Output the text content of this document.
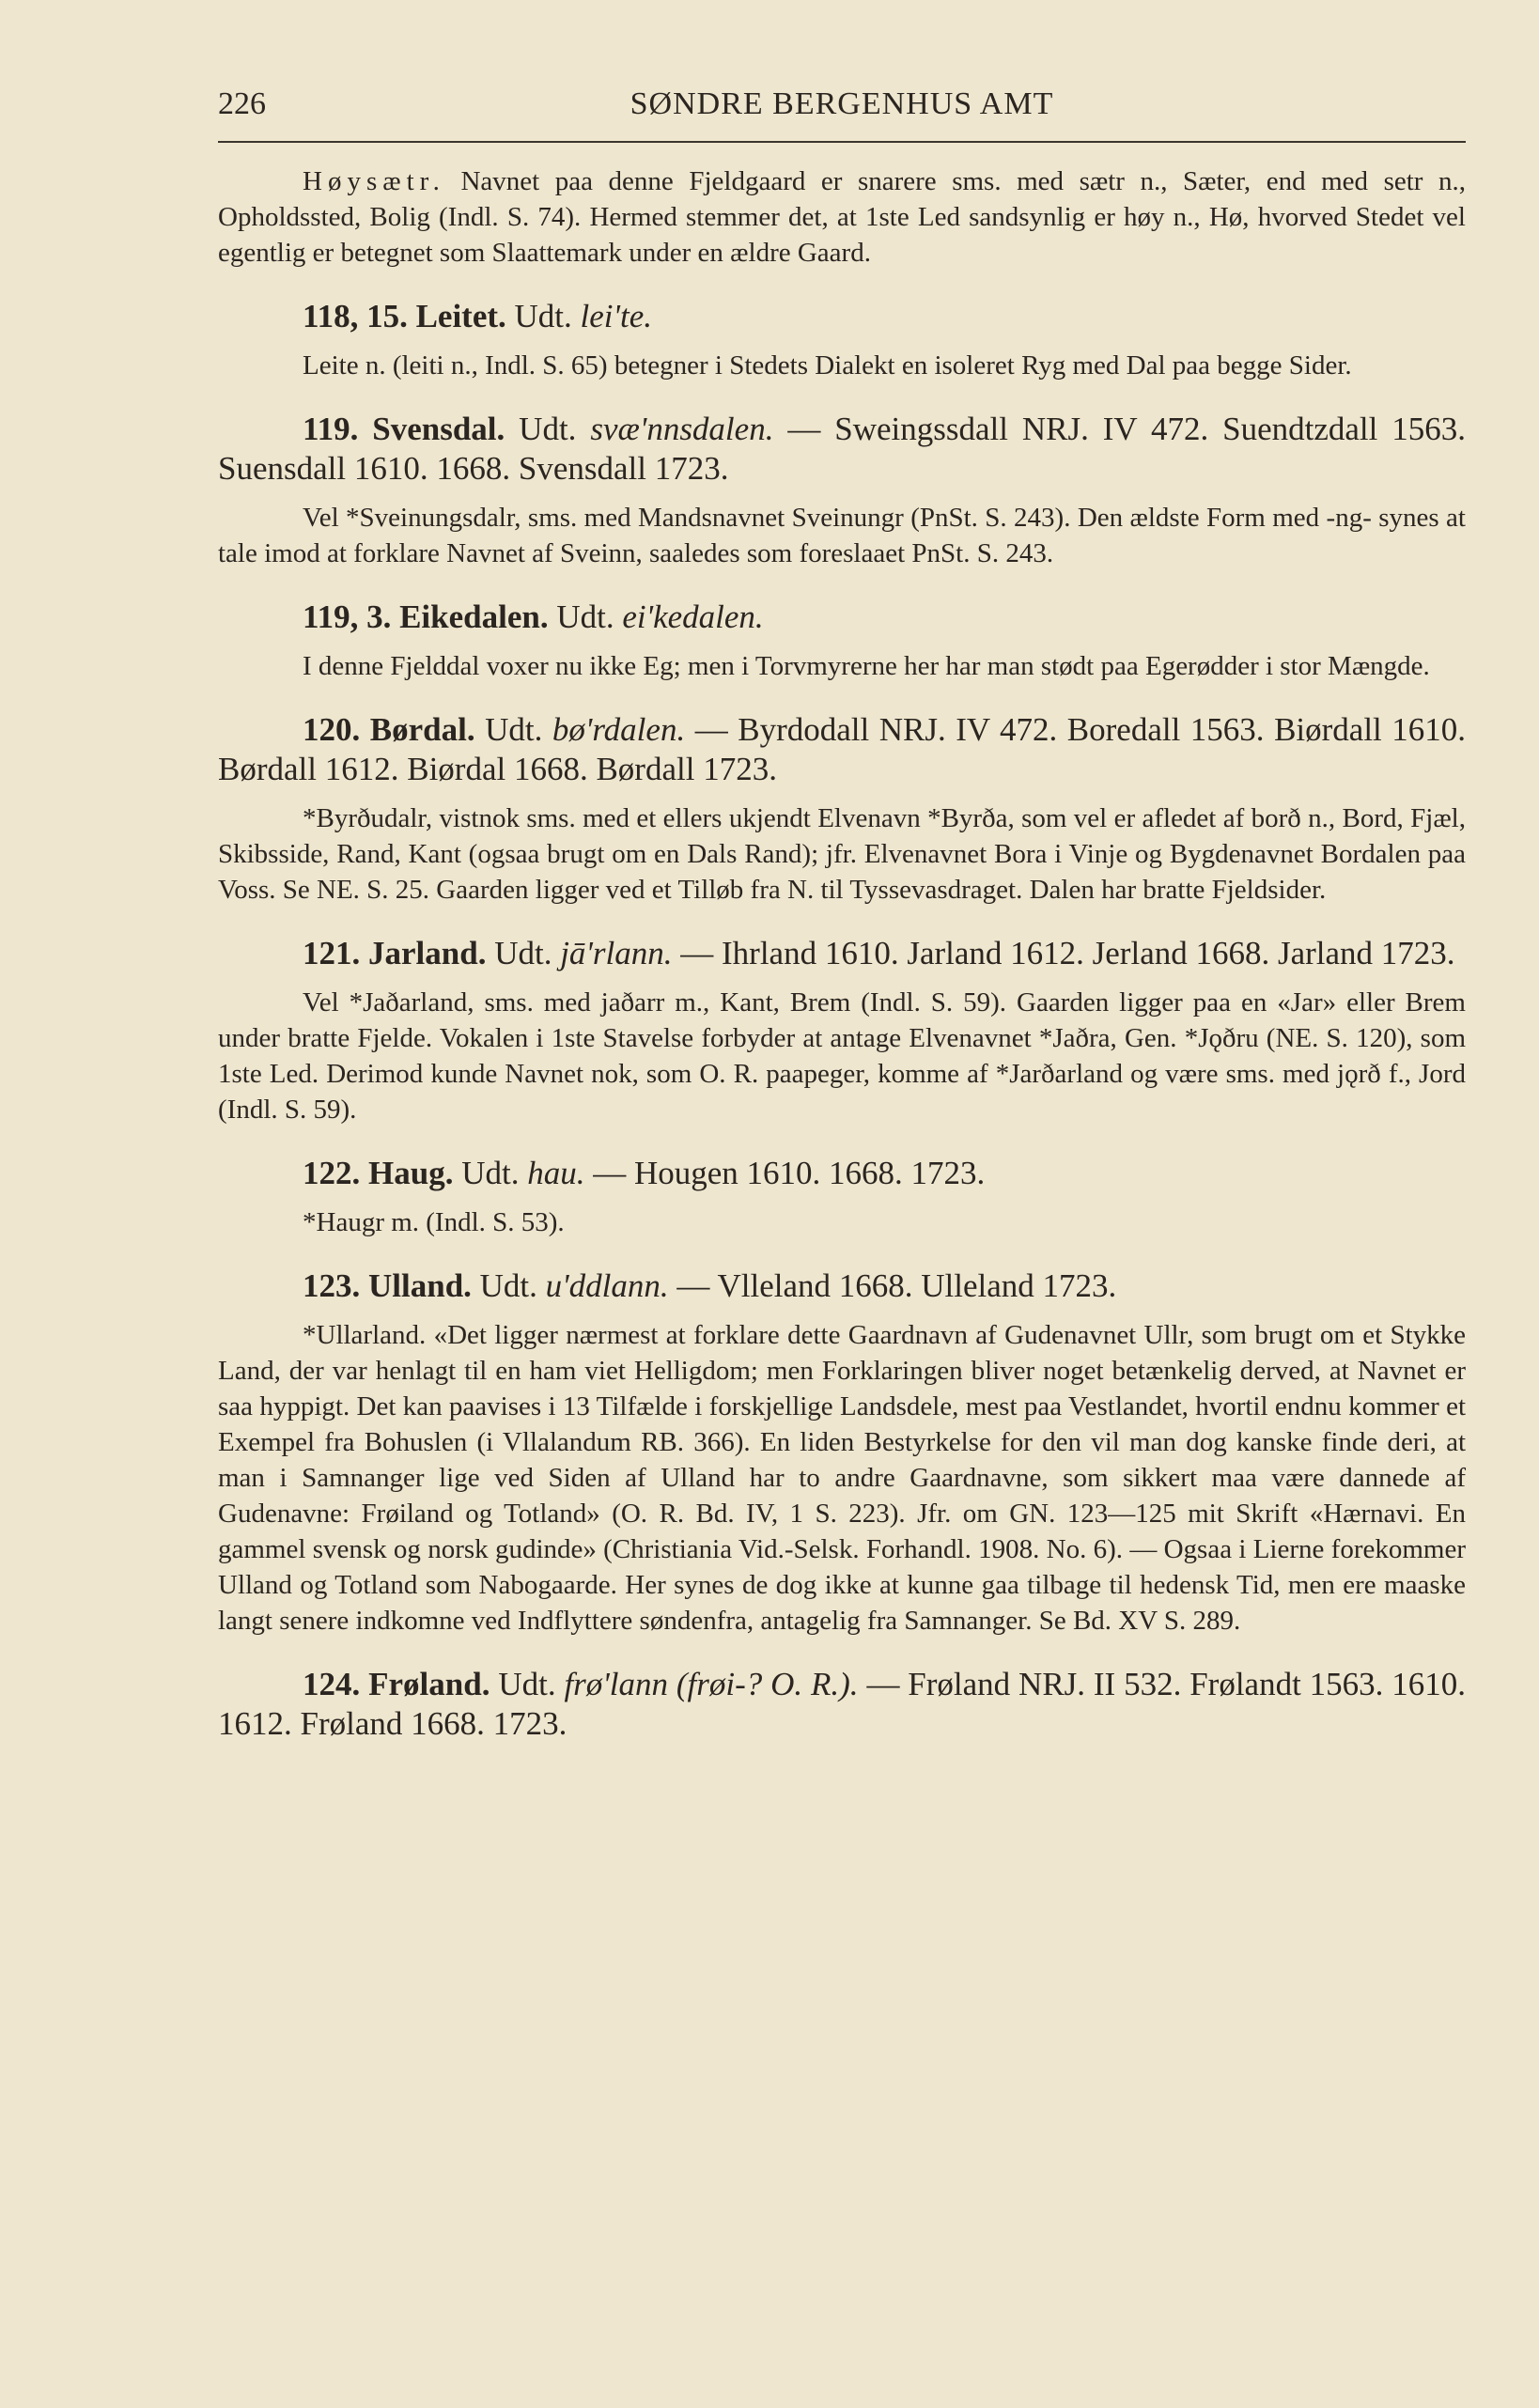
226	SØNDRE BERGENHUS AMT

Høysætr. Navnet paa denne Fjeldgaard er snarere sms. med sætr n., Sæter, end med setr n., Opholdssted, Bolig (Indl. S. 74). Hermed stemmer det, at 1ste Led sandsynlig er høy n., Hø, hvorved Stedet vel egentlig er betegnet som Slaattemark under en ældre Gaard.

118, 15. Leitet. Udt. lei'te.

Leite n. (leiti n., Indl. S. 65) betegner i Stedets Dialekt en isoleret Ryg med Dal paa begge Sider.

119. Svensdal. Udt. svæ'nnsdalen. — Sweingssdall NRJ. IV 472. Suendtzdall 1563. Suensdall 1610. 1668. Svensdall 1723.

Vel *Sveinungsdalr, sms. med Mandsnavnet Sveinungr (PnSt. S. 243). Den ældste Form med -ng- synes at tale imod at forklare Navnet af Sveinn, saaledes som foreslaaet PnSt. S. 243.

119, 3. Eikedalen. Udt. ei'kedalen.

I denne Fjelddal voxer nu ikke Eg; men i Torvmyrerne her har man stødt paa Egerødder i stor Mængde.

120. Børdal. Udt. bø'rdalen. — Byrdodall NRJ. IV 472. Boredall 1563. Biørdall 1610. Børdall 1612. Biørdal 1668. Børdall 1723.

*Byrðudalr, vistnok sms. med et ellers ukjendt Elvenavn *Byrða, som vel er afledet af borð n., Bord, Fjæl, Skibsside, Rand, Kant (ogsaa brugt om en Dals Rand); jfr. Elvenavnet Bora i Vinje og Bygdenavnet Bordalen paa Voss. Se NE. S. 25. Gaarden ligger ved et Tilløb fra N. til Tyssevasdraget. Dalen har bratte Fjeldsider.

121. Jarland. Udt. jā'rlann. — Ihrland 1610. Jarland 1612. Jerland 1668. Jarland 1723.

Vel *Jaðarland, sms. med jaðarr m., Kant, Brem (Indl. S. 59). Gaarden ligger paa en «Jar» eller Brem under bratte Fjelde. Vokalen i 1ste Stavelse forbyder at antage Elvenavnet *Jaðra, Gen. *Jǫðru (NE. S. 120), som 1ste Led. Derimod kunde Navnet nok, som O. R. paapeger, komme af *Jarðarland og være sms. med jǫrð f., Jord (Indl. S. 59).

122. Haug. Udt. hau. — Hougen 1610. 1668. 1723.

*Haugr m. (Indl. S. 53).

123. Ulland. Udt. u'ddlann. — Vlleland 1668. Ulleland 1723.

*Ullarland. «Det ligger nærmest at forklare dette Gaardnavn af Gudenavnet Ullr, som brugt om et Stykke Land, der var henlagt til en ham viet Helligdom; men Forklaringen bliver noget betænkelig derved, at Navnet er saa hyppigt. Det kan paavises i 13 Tilfælde i forskjellige Landsdele, mest paa Vestlandet, hvortil endnu kommer et Exempel fra Bohuslen (i Vllalandum RB. 366). En liden Bestyrkelse for den vil man dog kanske finde deri, at man i Samnanger lige ved Siden af Ulland har to andre Gaardnavne, som sikkert maa være dannede af Gudenavne: Frøiland og Totland» (O. R. Bd. IV, 1 S. 223). Jfr. om GN. 123—125 mit Skrift «Hærnavi. En gammel svensk og norsk gudinde» (Christiania Vid.-Selsk. Forhandl. 1908. No. 6). — Ogsaa i Lierne forekommer Ulland og Totland som Nabogaarde. Her synes de dog ikke at kunne gaa tilbage til hedensk Tid, men ere maaske langt senere indkomne ved Indflyttere søndenfra, antagelig fra Samnanger. Se Bd. XV S. 289.

124. Frøland. Udt. frø'lann (frøi-? O. R.). — Frøland NRJ. II 532. Frølandt 1563. 1610. 1612. Frøland 1668. 1723.
